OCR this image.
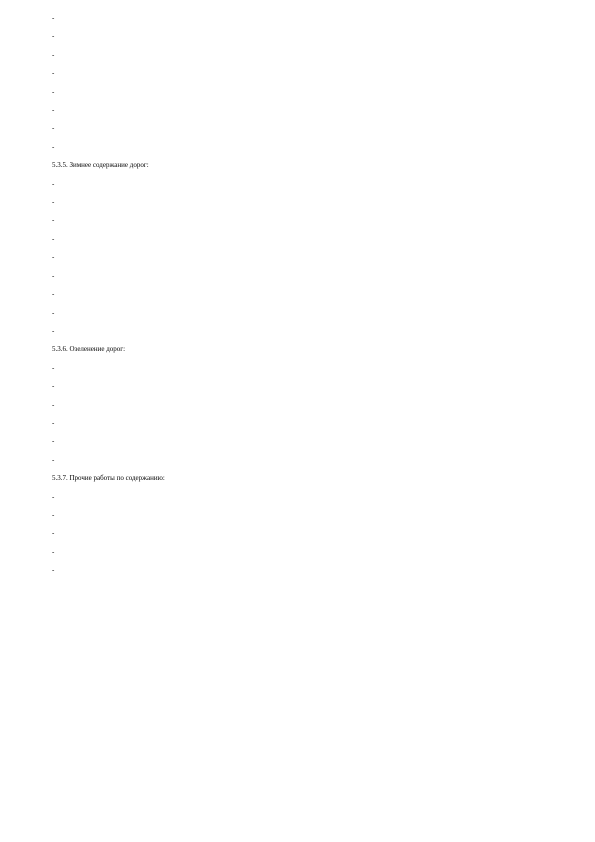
-
-
-
-
-
-
-
-
5.3.5. Зимнее содержание дорог:
-
-
-
-
-
-
-
-
-
5.3.6. Озеленение дорог:
-
-
-
-
-
-
5.3.7. Прочие работы по содержанию:
-
-
-
-
-
